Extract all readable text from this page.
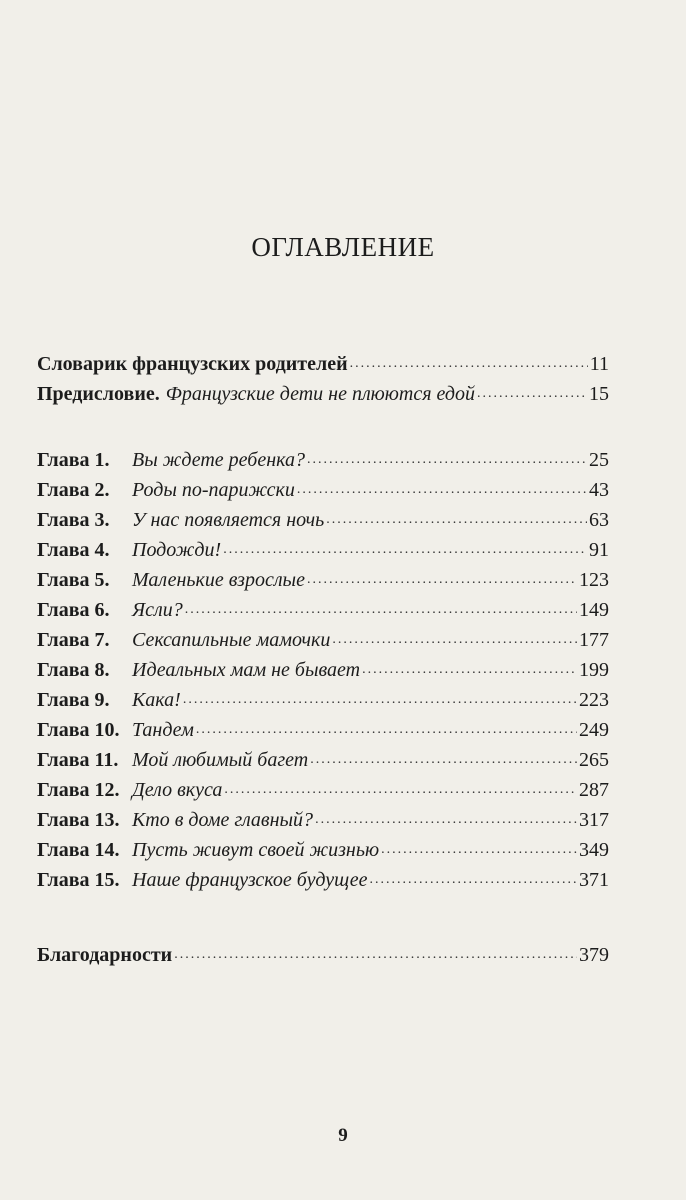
ОГЛАВЛЕНИЕ
Словарик французских родителей .....	11
Предисловие. Французские дети не плюются едой .....	15
Глава 1.	Вы ждете ребенка? .....	25
Глава 2.	Роды по-парижски .....	43
Глава 3.	У нас появляется ночь .....	63
Глава 4.	Подожди! .....	91
Глава 5.	Маленькие взрослые .....	123
Глава 6.	Ясли? .....	149
Глава 7.	Сексапильные мамочки .....	177
Глава 8.	Идеальных мам не бывает .....	199
Глава 9.	Кака! .....	223
Глава 10. Тандем .....	249
Глава 11. Мой любимый багет .....	265
Глава 12. Дело вкуса .....	287
Глава 13. Кто в доме главный? .....	317
Глава 14. Пусть живут своей жизнью .....	349
Глава 15. Наше французское будущее .....	371
Благодарности .....	379
9
